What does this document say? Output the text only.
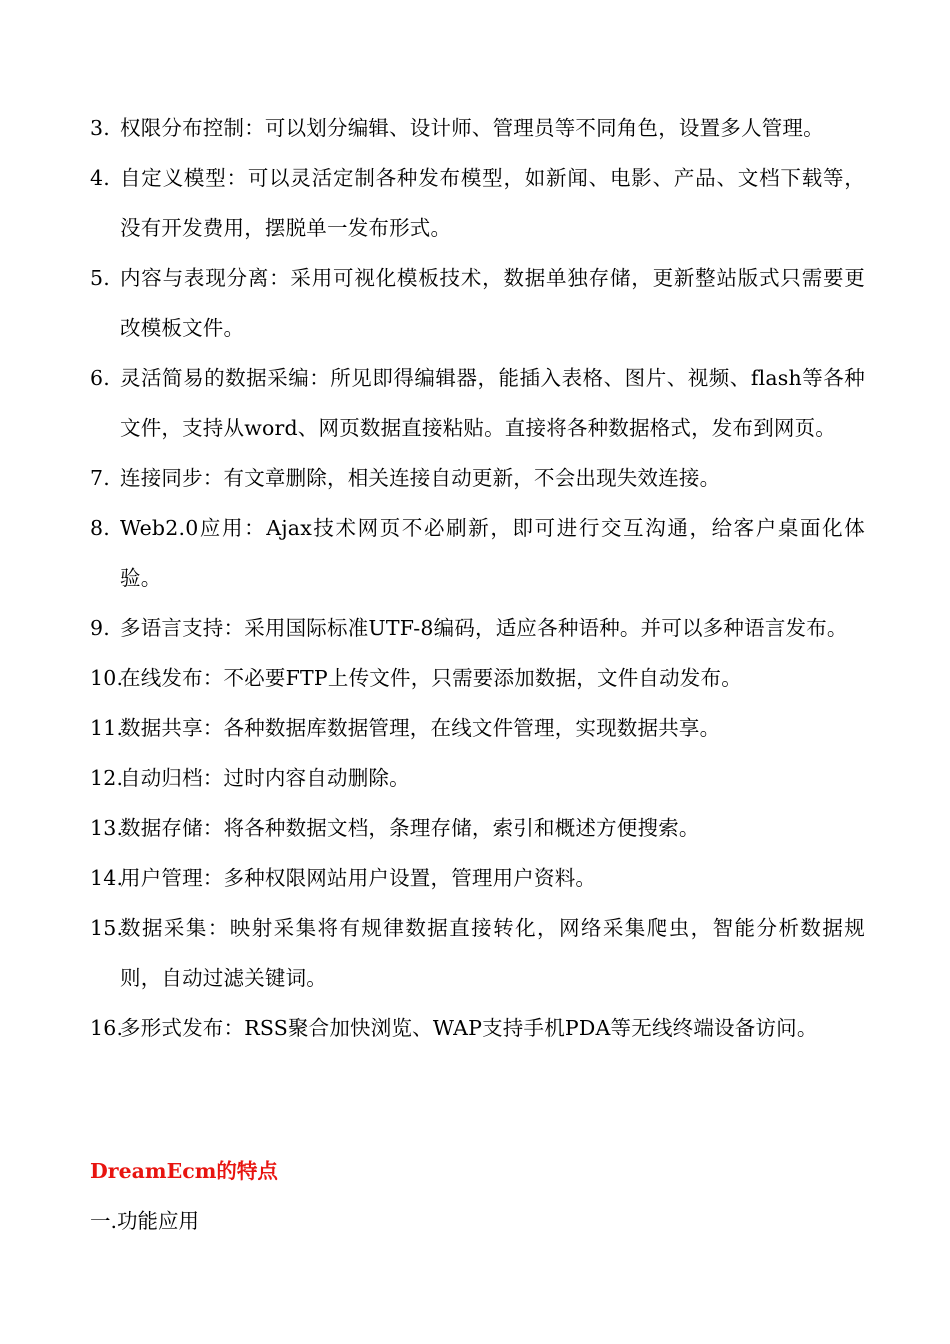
3. 权限分布控制：可以划分编辑、设计师、管理员等不同角色，设置多人管理。
4. 自定义模型：可以灵活定制各种发布模型，如新闻、电影、产品、文档下载等，没有开发费用，摆脱单一发布形式。
5. 内容与表现分离：采用可视化模板技术，数据单独存储，更新整站版式只需要更改模板文件。
6. 灵活简易的数据采编：所见即得编辑器，能插入表格、图片、视频、flash等各种文件，支持从word、网页数据直接粘贴。直接将各种数据格式，发布到网页。
7. 连接同步：有文章删除，相关连接自动更新，不会出现失效连接。
8. Web2.0应用：Ajax技术网页不必刷新，即可进行交互沟通，给客户桌面化体验。
9. 多语言支持：采用国际标准UTF-8编码，适应各种语种。并可以多种语言发布。
10.
在线发布：不必要FTP上传文件，只需要添加数据，文件自动发布。
11.
数据共享：各种数据库数据管理，在线文件管理，实现数据共享。
12.
自动归档：过时内容自动删除。
13.
数据存储：将各种数据文档，条理存储，索引和概述方便搜索。
14.
用户管理：多种权限网站用户设置，管理用户资料。
15.
数据采集：映射采集将有规律数据直接转化，网络采集爬虫，智能分析数据规则，自动过滤关键词。
16.
多形式发布：RSS聚合加快浏览、WAP支持手机PDA等无线终端设备访问。
DreamEcm的特点
一.功能应用
